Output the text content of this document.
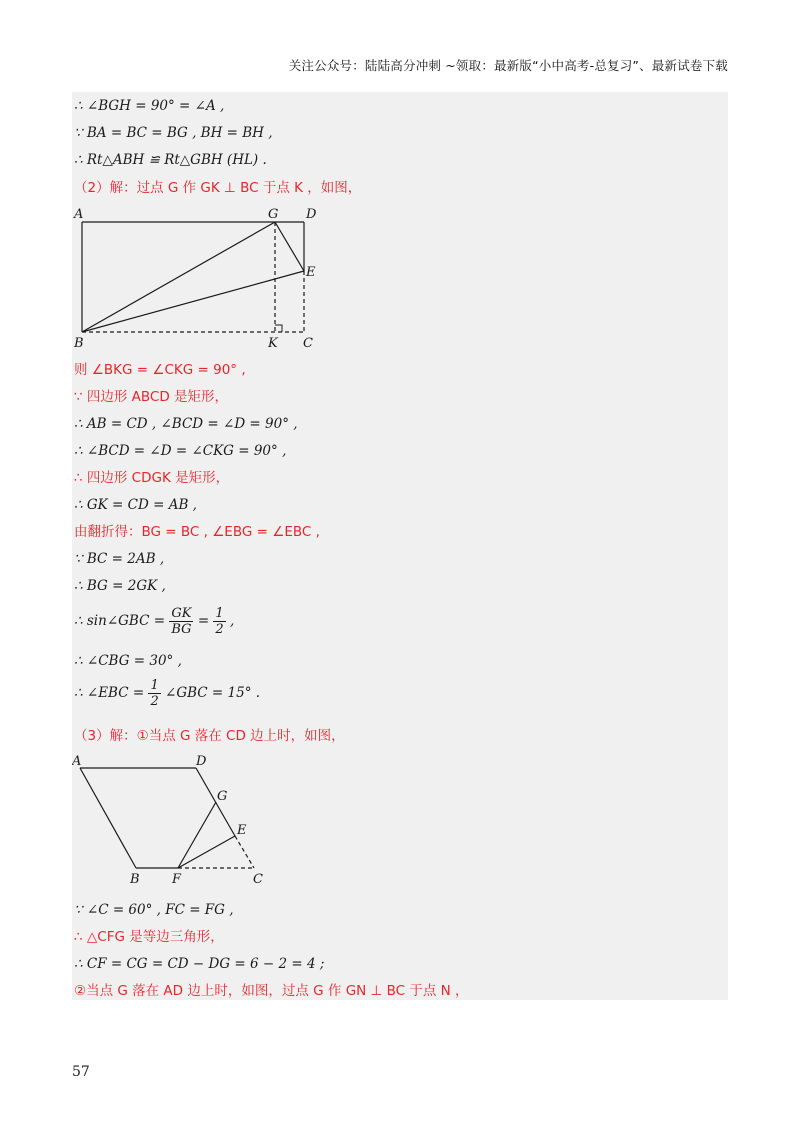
关注公众号：陆陆高分冲刺 ~领取：最新版“小中高考-总复习”、最新试卷下载
∴ ∠BGH = 90° = ∠A ,
∵ BA = BC = BG , BH = BH ,
∴ Rt△ABH ≌ Rt△GBH (HL) .
（2）解：过点 G 作 GK ⊥ BC 于点 K ，如图，
A	G D
E
B	K C
则 ∠BKG = ∠CKG = 90° ,
∵ 四边形 ABCD 是矩形，
∴ AB = CD , ∠BCD = ∠D = 90° ,
∴ ∠BCD = ∠D = ∠CKG = 90° ,
∴ 四边形 CDGK 是矩形，
∴ GK = CD = AB ,
由翻折得：BG = BC , ∠EBG = ∠EBC ,
∵ BC = 2AB ,
∴ BG = 2GK ,
∴ sin∠GBC = $\frac{GK}{BG} = \frac{1}{2}$ ,
∴ ∠CBG = 30° ,
∴ ∠EBC = $\frac{1}{2}$ ∠GBC = 15° .
（3）解：①当点 G 落在 CD 边上时，如图，
A	D
G
E
B F	C
∵ ∠C = 60° , FC = FG ,
∴ △CFG 是等边三角形，
∴ CF = CG = CD − DG = 6 − 2 = 4 ;
②当点 G 落在 AD 边上时，如图，过点 G 作 GN ⊥ BC 于点 N ，
57
